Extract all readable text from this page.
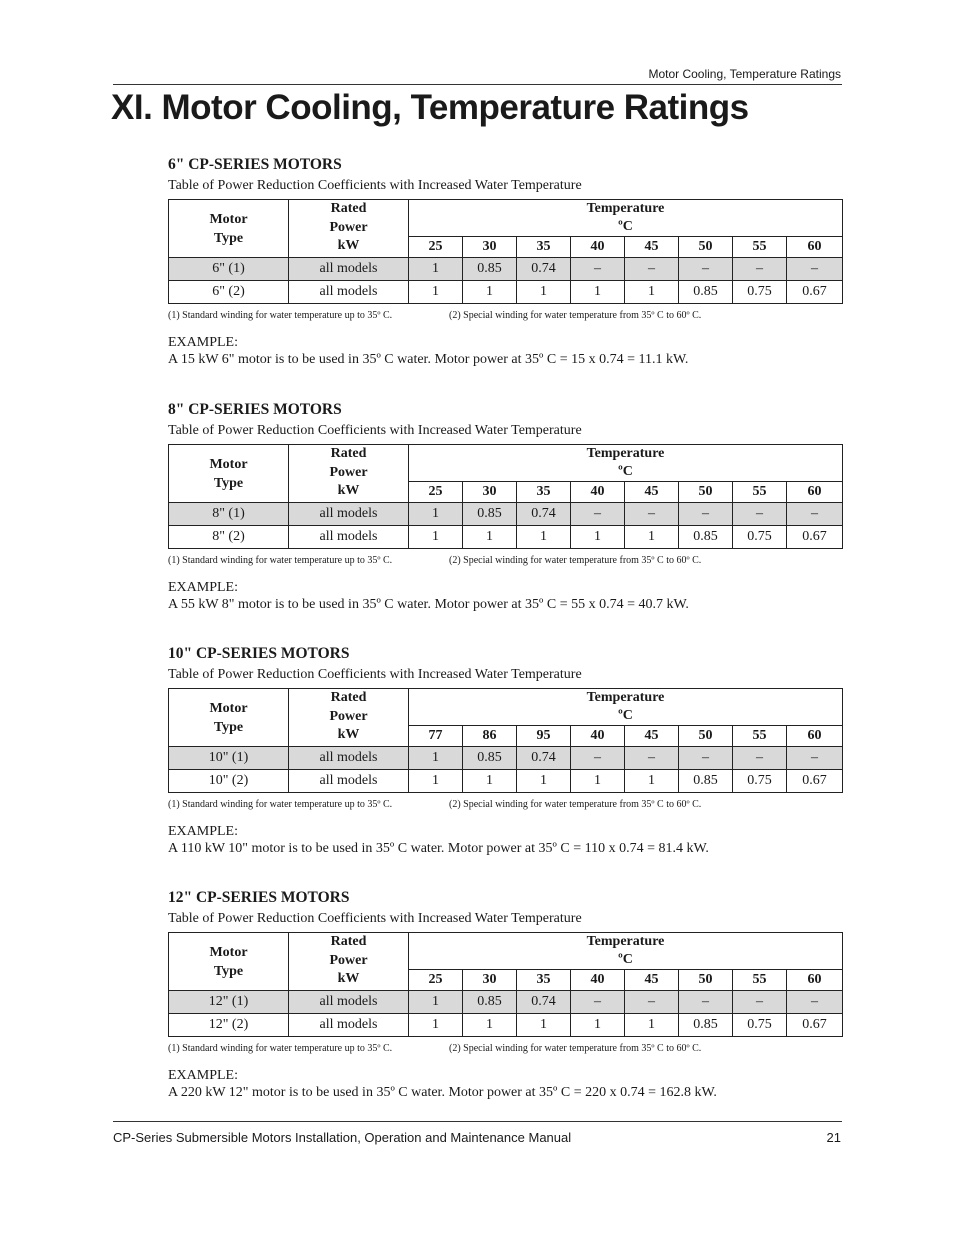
Motor Cooling, Temperature Ratings
XI. Motor Cooling, Temperature Ratings
6" CP-SERIES MOTORS
Table of Power Reduction Coefficients with Increased Water Temperature
Motor
Type	Rated
Power
kW	Temperature
ºC							
		25	30	35	40	45	50	55	60
6" (1)	all models	1	0.85	0.74	–	–	–	–	–
6" (2)	all models	1	1	1	1	1	0.85	0.75	0.67
(1) Standard winding for water temperature up to 35º C.	(2) Special winding for water temperature from 35º C to 60º C.
EXAMPLE:
A 15 kW 6" motor is to be used in 35º C water. Motor power at 35º C = 15 x 0.74 = 11.1 kW.
8" CP-SERIES MOTORS
Table of Power Reduction Coefficients with Increased Water Temperature
Motor
Type	Rated
Power
kW	Temperature
ºC							
		25	30	35	40	45	50	55	60
8" (1)	all models	1	0.85	0.74	–	–	–	–	–
8" (2)	all models	1	1	1	1	1	0.85	0.75	0.67
(1) Standard winding for water temperature up to 35º C.	(2) Special winding for water temperature from 35º C to 60º C.
EXAMPLE:
A 55 kW 8" motor is to be used in 35º C water. Motor power at 35º C = 55 x 0.74 = 40.7 kW.
10" CP-SERIES MOTORS
Table of Power Reduction Coefficients with Increased Water Temperature
Motor
Type	Rated
Power
kW	Temperature
ºC							
		77	86	95	40	45	50	55	60
10" (1)	all models	1	0.85	0.74	–	–	–	–	–
10" (2)	all models	1	1	1	1	1	0.85	0.75	0.67
(1) Standard winding for water temperature up to 35º C.	(2) Special winding for water temperature from 35º C to 60º C.
EXAMPLE:
A 110 kW 10" motor is to be used in 35º C water. Motor power at 35º C = 110 x 0.74 = 81.4 kW.
12" CP-SERIES MOTORS
Table of Power Reduction Coefficients with Increased Water Temperature
Motor
Type	Rated
Power
kW	Temperature
ºC							
		25	30	35	40	45	50	55	60
12" (1)	all models	1	0.85	0.74	–	–	–	–	–
12" (2)	all models	1	1	1	1	1	0.85	0.75	0.67
(1) Standard winding for water temperature up to 35º C.	(2) Special winding for water temperature from 35º C to 60º C.
EXAMPLE:
A 220 kW 12" motor is to be used in 35º C water. Motor power at 35º C = 220 x 0.74 = 162.8 kW.
CP-Series Submersible Motors Installation, Operation and Maintenance Manual	21
